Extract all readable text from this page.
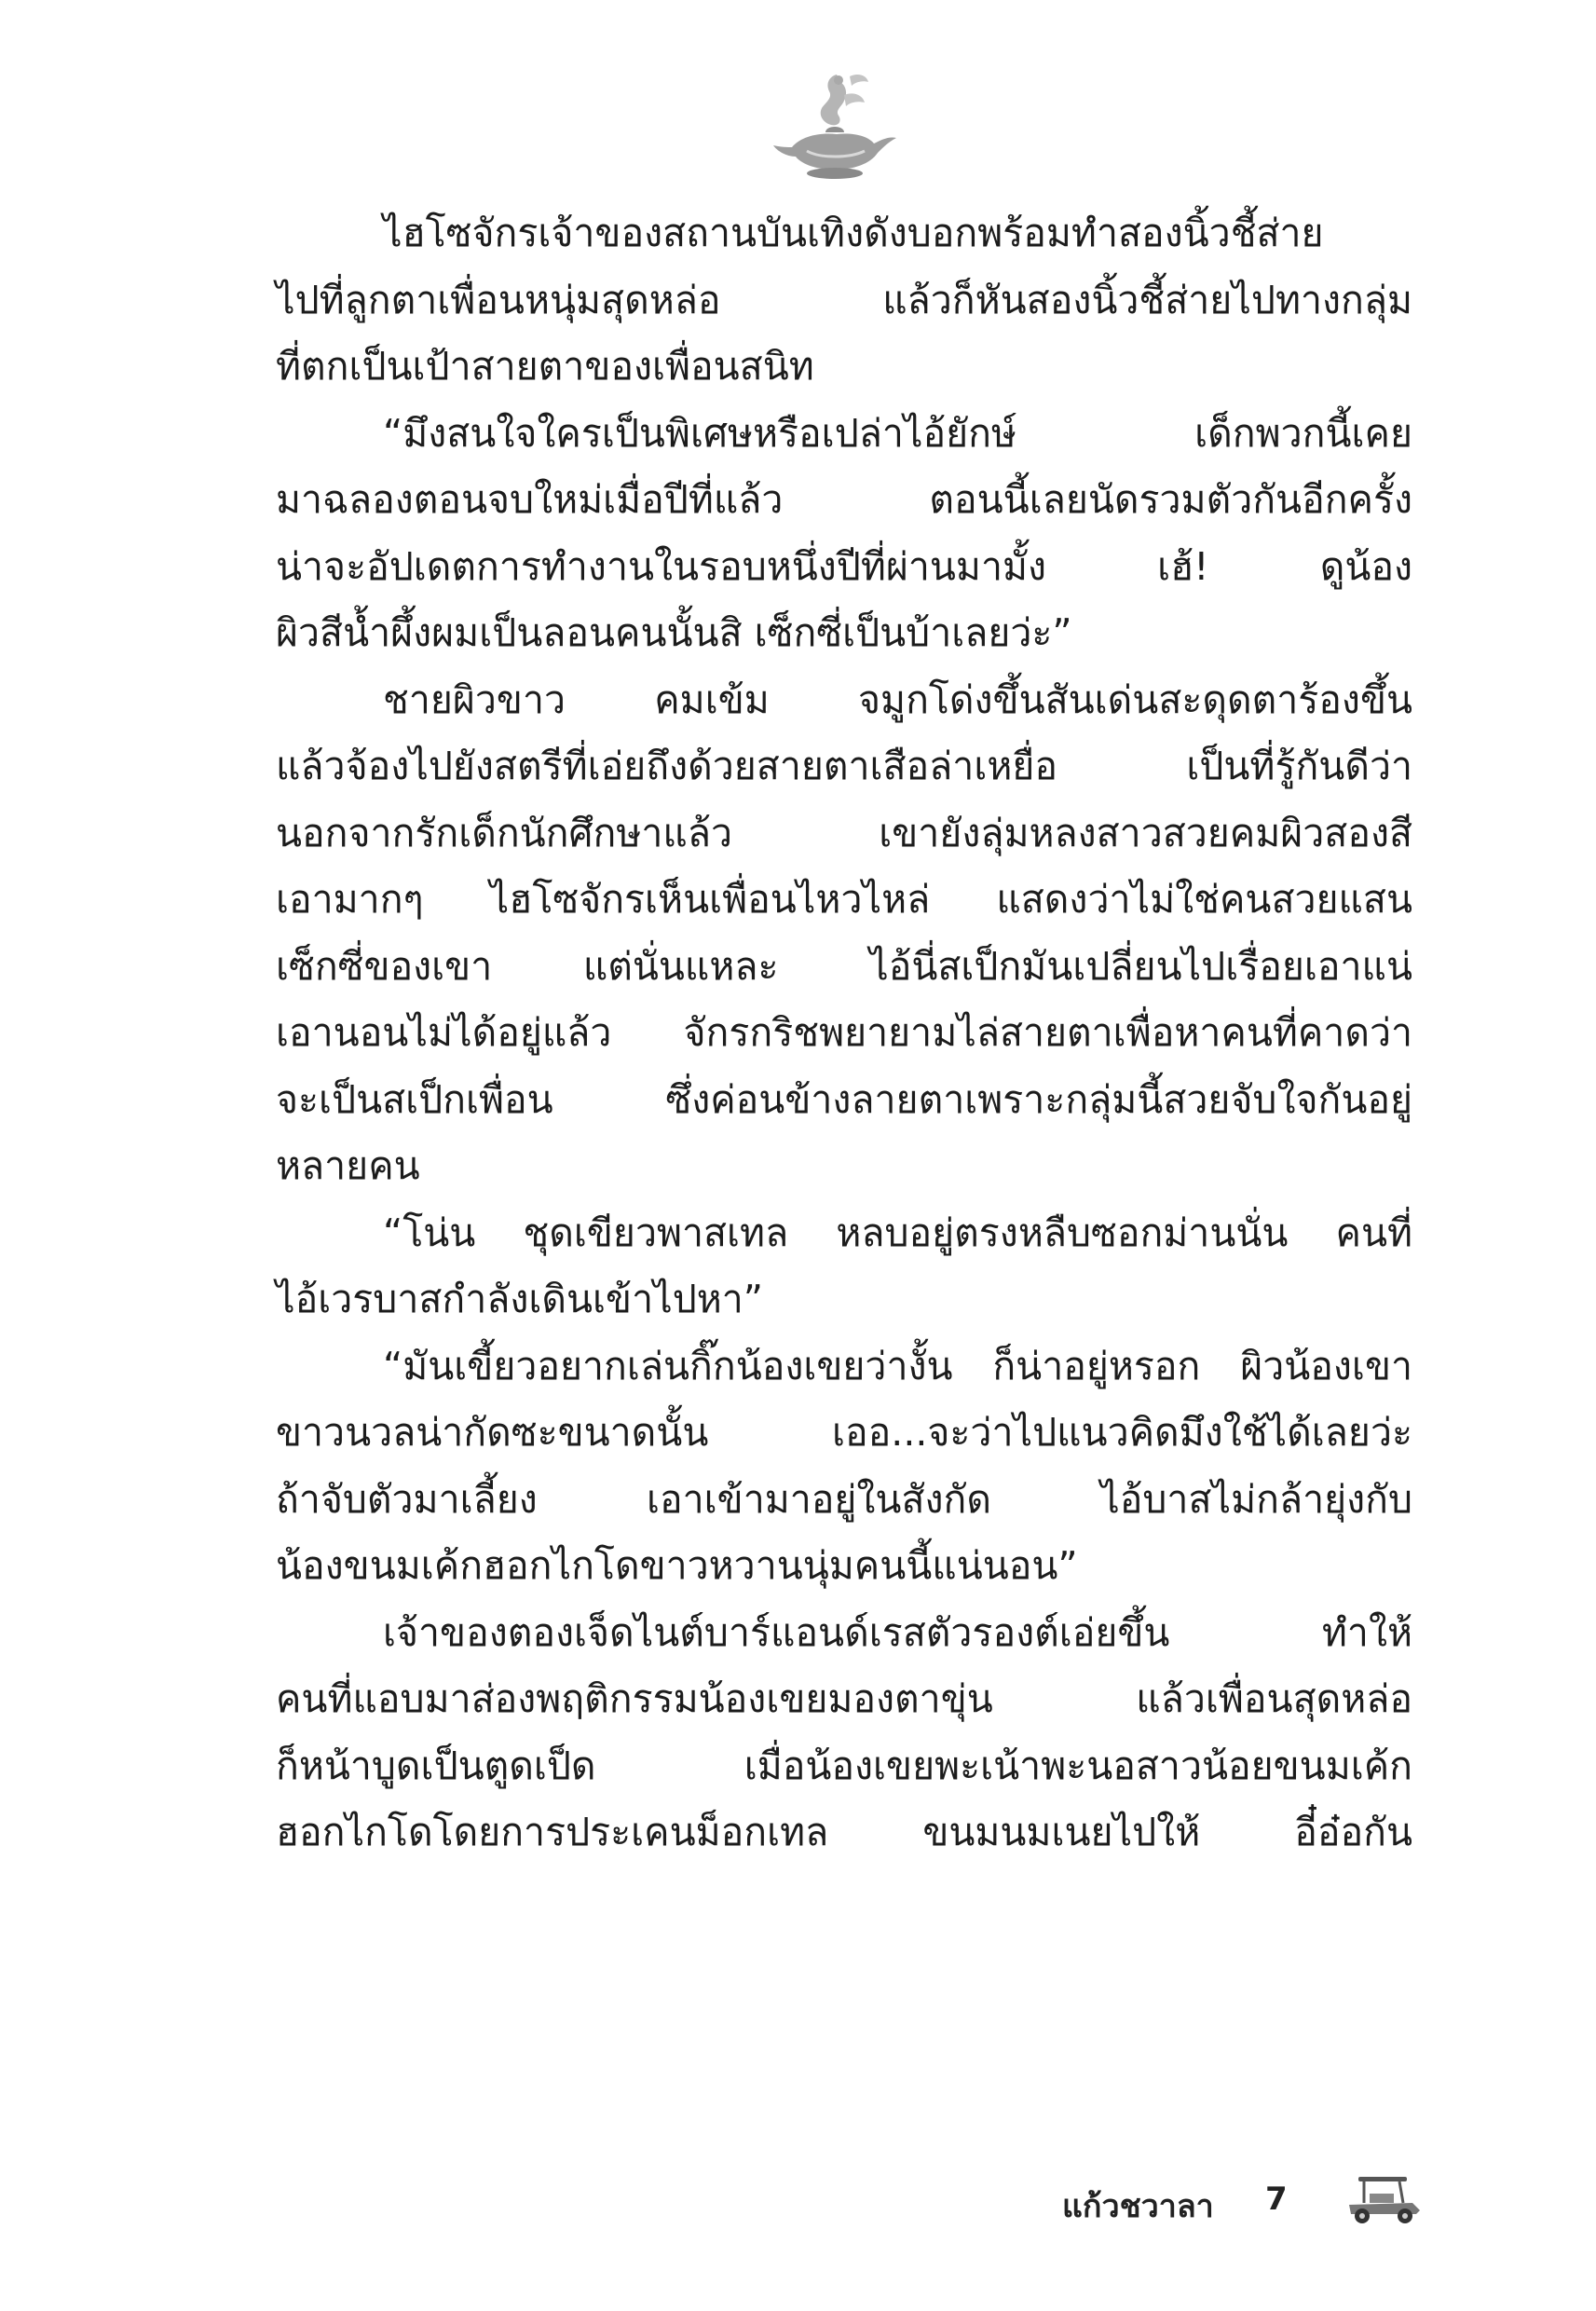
ไฮโซจักรเจ้าของสถานบันเทิงดังบอกพร้อมทำสองนิ้วชี้ส่าย
ไปที่ลูกตาเพื่อนหนุ่มสุดหล่อ แล้วก็หันสองนิ้วชี้ส่ายไปทางกลุ่ม
ที่ตกเป็นเป้าสายตาของเพื่อนสนิท
“มึงสนใจใครเป็นพิเศษหรือเปล่าไอ้ยักษ์ เด็กพวกนี้เคย
มาฉลองตอนจบใหม่เมื่อปีที่แล้ว ตอนนี้เลยนัดรวมตัวกันอีกครั้ง
น่าจะอัปเดตการทำงานในรอบหนึ่งปีที่ผ่านมามั้ง เฮ้! ดูน้อง
ผิวสีน้ำผึ้งผมเป็นลอนคนนั้นสิ เซ็กซี่เป็นบ้าเลยว่ะ”
ชายผิวขาว คมเข้ม จมูกโด่งขึ้นสันเด่นสะดุดตาร้องขึ้น
แล้วจ้องไปยังสตรีที่เอ่ยถึงด้วยสายตาเสือล่าเหยื่อ เป็นที่รู้กันดีว่า
นอกจากรักเด็กนักศึกษาแล้ว เขายังลุ่มหลงสาวสวยคมผิวสองสี
เอามากๆ ไฮโซจักรเห็นเพื่อนไหวไหล่ แสดงว่าไม่ใช่คนสวยแสน
เซ็กซี่ของเขา แต่นั่นแหละ ไอ้นี่สเป็กมันเปลี่ยนไปเรื่อยเอาแน่
เอานอนไม่ได้อยู่แล้ว จักรกริชพยายามไล่สายตาเพื่อหาคนที่คาดว่า
จะเป็นสเป็กเพื่อน ซึ่งค่อนข้างลายตาเพราะกลุ่มนี้สวยจับใจกันอยู่
หลายคน
“โน่น ชุดเขียวพาสเทล หลบอยู่ตรงหลืบซอกม่านนั่น คนที่
ไอ้เวรบาสกำลังเดินเข้าไปหา”
“มันเขี้ยวอยากเล่นกิ๊กน้องเขยว่างั้น ก็น่าอยู่หรอก ผิวน้องเขา
ขาวนวลน่ากัดซะขนาดนั้น เออ...จะว่าไปแนวคิดมึงใช้ได้เลยว่ะ
ถ้าจับตัวมาเลี้ยง เอาเข้ามาอยู่ในสังกัด ไอ้บาสไม่กล้ายุ่งกับ
น้องขนมเค้กฮอกไกโดขาวหวานนุ่มคนนี้แน่นอน”
เจ้าของตองเจ็ดไนต์บาร์แอนด์เรสตัวรองต์เอ่ยขึ้น ทำให้
คนที่แอบมาส่องพฤติกรรมน้องเขยมองตาขุ่น แล้วเพื่อนสุดหล่อ
ก็หน้าบูดเป็นตูดเป็ด เมื่อน้องเขยพะเน้าพะนอสาวน้อยขนมเค้ก
ฮอกไกโดโดยการประเคนม็อกเทล ขนมนมเนยไปให้ อี๋อ๋อกัน
แก้วชวาลา 7
